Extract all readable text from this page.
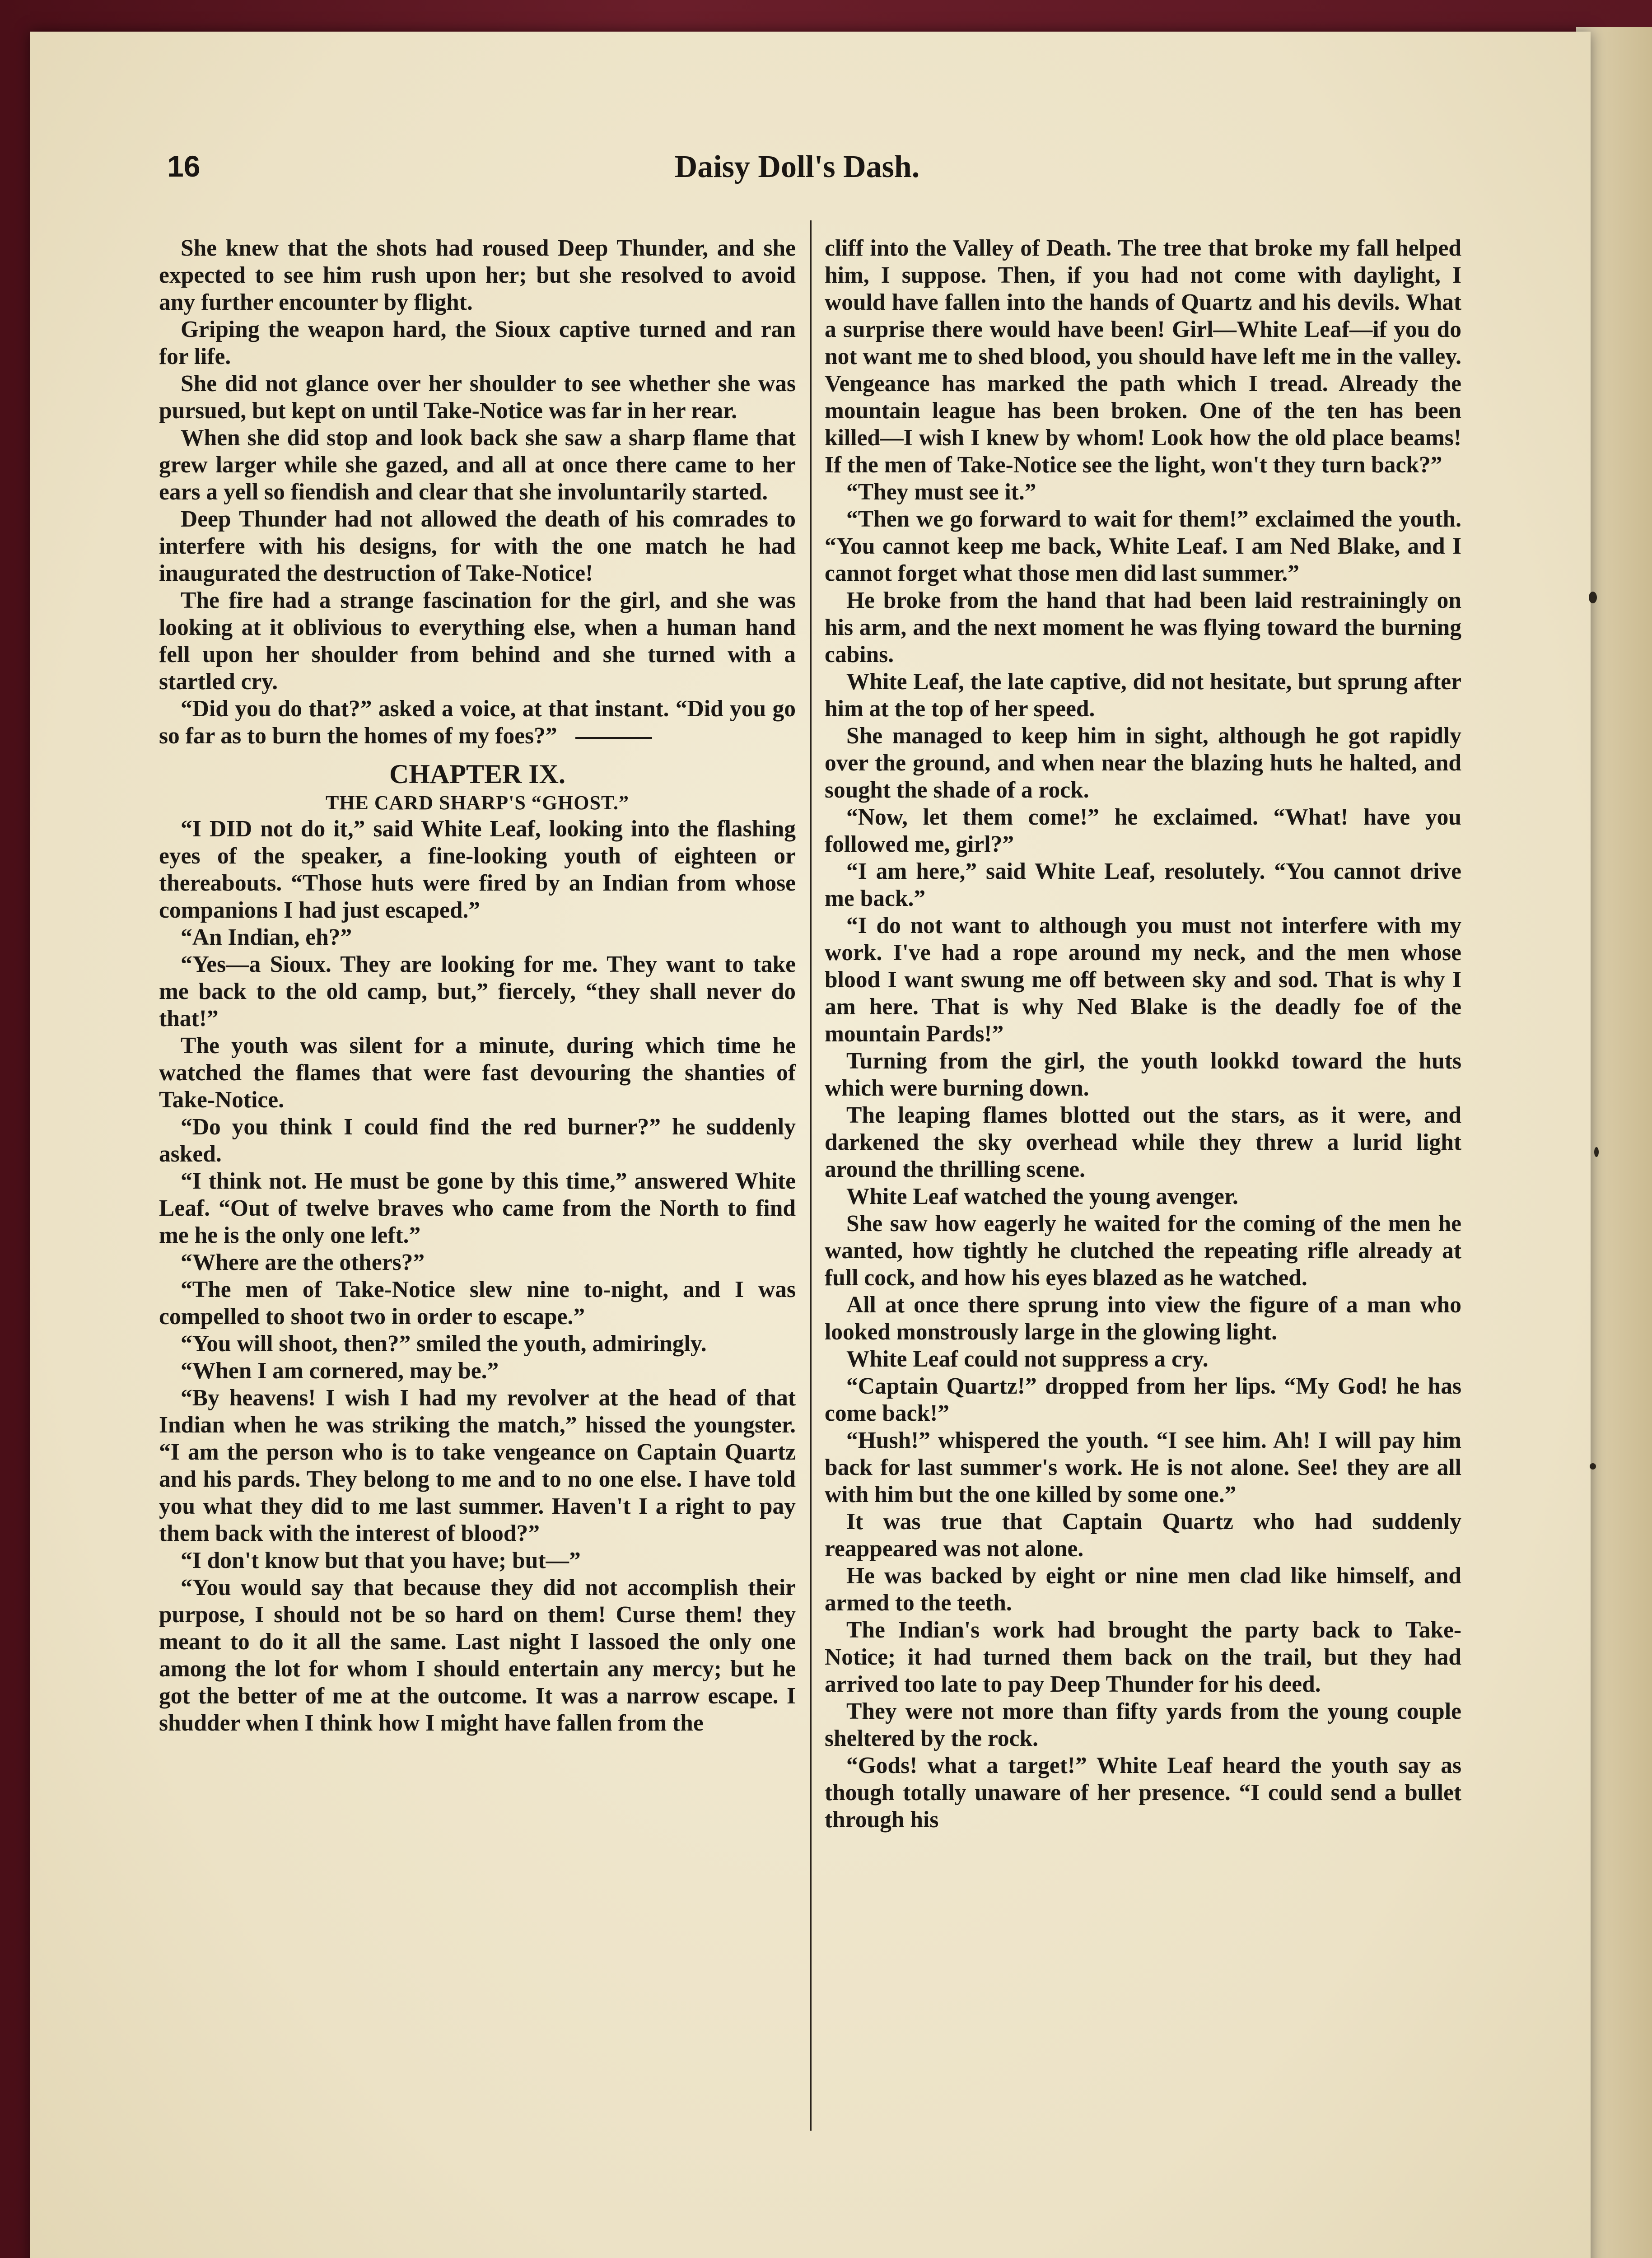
16	Daisy Doll's Dash.

She knew that the shots had roused Deep Thunder, and she expected to see him rush upon her; but she resolved to avoid any further encounter by flight.

Griping the weapon hard, the Sioux captive turned and ran for life.

She did not glance over her shoulder to see whether she was pursued, but kept on until Take-Notice was far in her rear.

When she did stop and look back she saw a sharp flame that grew larger while she gazed, and all at once there came to her ears a yell so fiendish and clear that she involuntarily started.

Deep Thunder had not allowed the death of his comrades to interfere with his designs, for with the one match he had inaugurated the destruction of Take-Notice!

The fire had a strange fascination for the girl, and she was looking at it oblivious to everything else, when a human hand fell upon her shoulder from behind and she turned with a startled cry.

“Did you do that?” asked a voice, at that instant. “Did you go so far as to burn the homes of my foes?”

CHAPTER IX.
THE CARD SHARP'S “GHOST.”

“I DID not do it,” said White Leaf, looking into the flashing eyes of the speaker, a fine-looking youth of eighteen or thereabouts. “Those huts were fired by an Indian from whose companions I had just escaped.”

“An Indian, eh?”

“Yes—a Sioux. They are looking for me. They want to take me back to the old camp, but,” fiercely, “they shall never do that!”

The youth was silent for a minute, during which time he watched the flames that were fast devouring the shanties of Take-Notice.

“Do you think I could find the red burner?” he suddenly asked.

“I think not. He must be gone by this time,” answered White Leaf. “Out of twelve braves who came from the North to find me he is the only one left.”

“Where are the others?”

“The men of Take-Notice slew nine to-night, and I was compelled to shoot two in order to escape.”

“You will shoot, then?” smiled the youth, admiringly.

“When I am cornered, may be.”

“By heavens! I wish I had my revolver at the head of that Indian when he was striking the match,” hissed the youngster. “I am the person who is to take vengeance on Captain Quartz and his pards. They belong to me and to no one else. I have told you what they did to me last summer. Haven't I a right to pay them back with the interest of blood?”

“I don't know but that you have; but—”

“You would say that because they did not accomplish their purpose, I should not be so hard on them! Curse them! they meant to do it all the same. Last night I lassoed the only one among the lot for whom I should entertain any mercy; but he got the better of me at the outcome. It was a narrow escape. I shudder when I think how I might have fallen from the

cliff into the Valley of Death. The tree that broke my fall helped him, I suppose. Then, if you had not come with daylight, I would have fallen into the hands of Quartz and his devils. What a surprise there would have been! Girl—White Leaf—if you do not want me to shed blood, you should have left me in the valley. Vengeance has marked the path which I tread. Already the mountain league has been broken. One of the ten has been killed—I wish I knew by whom! Look how the old place beams! If the men of Take-Notice see the light, won't they turn back?”

“They must see it.”

“Then we go forward to wait for them!” exclaimed the youth. “You cannot keep me back, White Leaf. I am Ned Blake, and I cannot forget what those men did last summer.”

He broke from the hand that had been laid restrainingly on his arm, and the next moment he was flying toward the burning cabins.

White Leaf, the late captive, did not hesitate, but sprung after him at the top of her speed.

She managed to keep him in sight, although he got rapidly over the ground, and when near the blazing huts he halted, and sought the shade of a rock.

“Now, let them come!” he exclaimed. “What! have you followed me, girl?”

“I am here,” said White Leaf, resolutely. “You cannot drive me back.”

“I do not want to although you must not interfere with my work. I've had a rope around my neck, and the men whose blood I want swung me off between sky and sod. That is why I am here. That is why Ned Blake is the deadly foe of the mountain Pards!”

Turning from the girl, the youth lookkd toward the huts which were burning down.

The leaping flames blotted out the stars, as it were, and darkened the sky overhead while they threw a lurid light around the thrilling scene.

White Leaf watched the young avenger.

She saw how eagerly he waited for the coming of the men he wanted, how tightly he clutched the repeating rifle already at full cock, and how his eyes blazed as he watched.

All at once there sprung into view the figure of a man who looked monstrously large in the glowing light.

White Leaf could not suppress a cry.

“Captain Quartz!” dropped from her lips. “My God! he has come back!”

“Hush!” whispered the youth. “I see him. Ah! I will pay him back for last summer's work. He is not alone. See! they are all with him but the one killed by some one.”

It was true that Captain Quartz who had suddenly reappeared was not alone.

He was backed by eight or nine men clad like himself, and armed to the teeth.

The Indian's work had brought the party back to Take-Notice; it had turned them back on the trail, but they had arrived too late to pay Deep Thunder for his deed.

They were not more than fifty yards from the young couple sheltered by the rock.

“Gods! what a target!” White Leaf heard the youth say as though totally unaware of her presence. “I could send a bullet through his
